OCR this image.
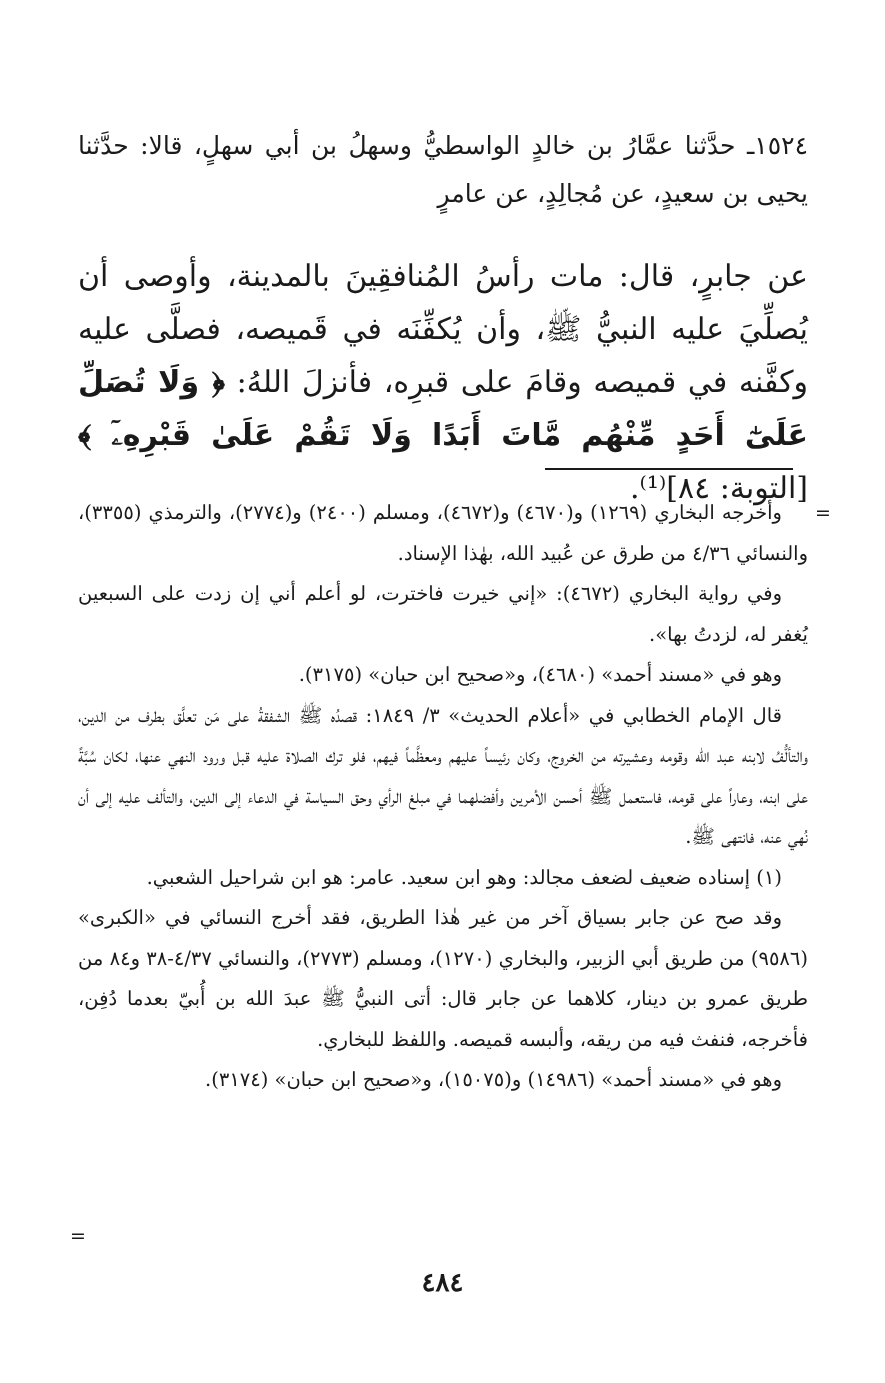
١٥٢٤ـ حدَّثنا عمَّارُ بن خالدٍ الواسطيُّ وسهلُ بن أبي سهلٍ، قالا: حدَّثنا يحيى بن سعيدٍ، عن مُجالِدٍ، عن عامرٍ
عن جابرٍ، قال: مات رأسُ المُنافقِينَ بالمدينة، وأوصى أن يُصلِّيَ عليه النبيُّ ﷺ، وأن يُكفِّنَه في قَميصه، فصلَّى عليه وكفَّنه في قميصه وقامَ على قبرِه، فأنزلَ اللهُ: ﴿ وَلَا تُصَلِّ عَلَىٰٓ أَحَدٍ مِّنْهُم مَّاتَ أَبَدًا وَلَا تَقُمْ عَلَىٰ قَبْرِهِۦٓ ﴾ [التوبة: ٨٤]⁽¹⁾.
=

وأخرجه البخاري (١٢٦٩) و(٤٦٧٠) و(٤٦٧٢)، ومسلم (٢٤٠٠) و(٢٧٧٤)، والترمذي (٣٣٥٥)، والنسائي ٤/٣٦ من طرق عن عُبيد الله، بهٰذا الإسناد.

وفي رواية البخاري (٤٦٧٢): «إني خيرت فاخترت، لو أعلم أني إن زدت على السبعين يُغفر له، لزدتُ بها».

وهو في «مسند أحمد» (٤٦٨٠)، و«صحيح ابن حبان» (٣١٧٥).

قال الإمام الخطابي في «أعلام الحديث» ٣/ ١٨٤٩: قصدُه ﷺ الشفقةُ على مَن تعلَّق بطرف من الدين، والتألُّفُ لابنه عبد الله وقومه وعشيرته من الخروج، وكان رئيساً عليهم ومعظَّماً فيهم، فلو ترك الصلاة عليه قبل ورود النهي عنها، لكان سُبَّةً على ابنه، وعاراً على قومه، فاستعمل ﷺ أحسن الأمرين وأفضلهما في مبلغ الرأي وحق السياسة في الدعاء إلى الدين، والتألف عليه إلى أن نُهي عنه، فانتهى ﷺ.

(١) إسناده ضعيف لضعف مجالد: وهو ابن سعيد. عامر: هو ابن شراحيل الشعبي.

وقد صح عن جابر بسياق آخر من غير هٰذا الطريق، فقد أخرج النسائي في «الكبرى» (٩٥٨٦) من طريق أبي الزبير، والبخاري (١٢٧٠)، ومسلم (٢٧٧٣)، والنسائي ٤/٣٧-٣٨ و٨٤ من طريق عمرو بن دينار، كلاهما عن جابر قال: أتى النبيُّ ﷺ عبدَ الله بن أُبيّ بعدما دُفِن، فأخرجه، فنفث فيه من ريقه، وألبسه قميصه. واللفظ للبخاري.

وهو في «مسند أحمد» (١٤٩٨٦) و(١٥٠٧٥)، و«صحيح ابن حبان» (٣١٧٤).

=
٤٨٤
